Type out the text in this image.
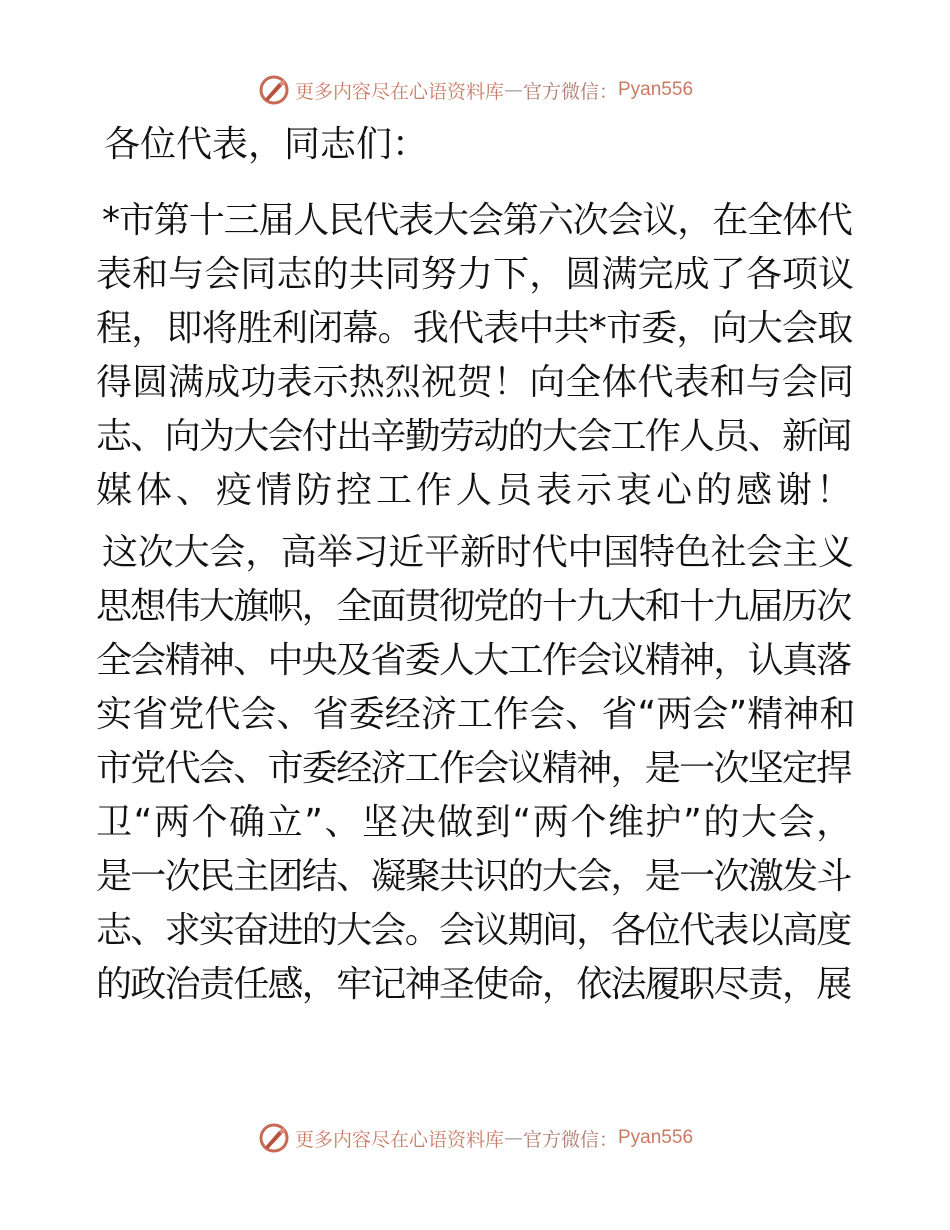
更多内容尽在心语资料库 — 官方微信： Pyan556

各位代表，同志们：

*市第十三届人民代表大会第六次会议，在全体代
表和与会同志的共同努力下，圆满完成了各项议
程，即将胜利闭幕。我代表中共*市委，向大会取
得圆满成功表示热烈祝贺！向全体代表和与会同
志、向为大会付出辛勤劳动的大会工作人员、新闻
媒体、疫情防控工作人员表示衷心的感谢！

这次大会，高举习近平新时代中国特色社会主义
思想伟大旗帜，全面贯彻党的十九大和十九届历次
全会精神、中央及省委人大工作会议精神，认真落
实省党代会、省委经济工作会、省“两会”精神和
市党代会、市委经济工作会议精神，是一次坚定捍
卫“两个确立”、坚决做到“两个维护”的大会，
是一次民主团结、凝聚共识的大会，是一次激发斗
志、求实奋进的大会。会议期间，各位代表以高度
的政治责任感，牢记神圣使命，依法履职尽责，展

更多内容尽在心语资料库 — 官方微信： Pyan556
